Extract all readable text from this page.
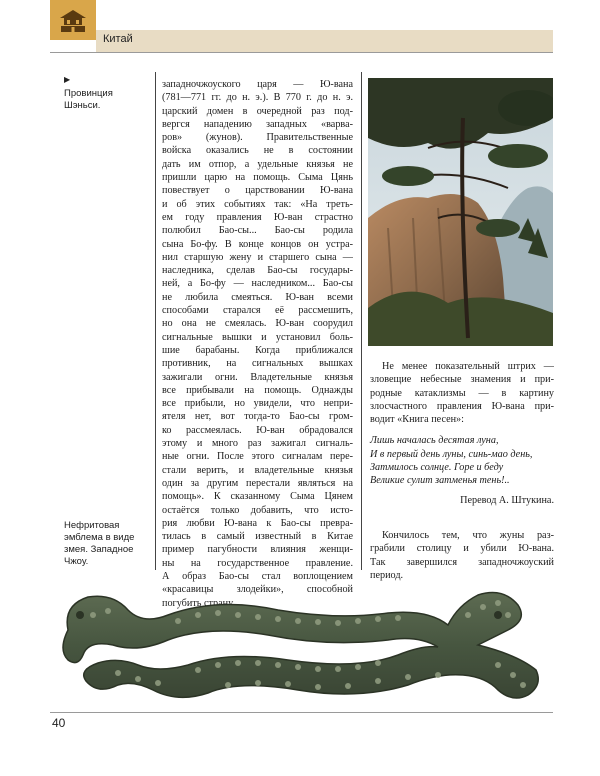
Китай
▶
Провинция Шэньси.
Нефритовая эмблема в виде змея. Западное Чжоу.
западночжоуского царя — Ю-вана
(781—771 гг. до н. э.). В 770 г. до н. э.
царский домен в очередной раз под-
вергся нападению западных «варва-
ров» (жунов). Правительственные
войска оказались не в состоянии
дать им отпор, а удельные князья не
пришли царю на помощь. Сыма Цянь
повествует о царствовании Ю-вана
и об этих событиях так: «На треть-
ем году правления Ю-ван страстно
полюбил Бао-сы... Бао-сы родила
сына Бо-фу. В конце концов он устра-
нил старшую жену и старшего сына —
наследника, сделав Бао-сы государы-
ней, а Бо-фу — наследником... Бао-сы
не любила смеяться. Ю-ван всеми
способами старался её рассмешить,
но она не смеялась. Ю-ван соорудил
сигнальные вышки и установил боль-
шие барабаны. Когда приближался
противник, на сигнальных вышках
зажигали огни. Владетельные князья
все прибывали на помощь. Однажды
все прибыли, но увидели, что непри-
ятеля нет, вот тогда-то Бао-сы гром-
ко рассмеялась. Ю-ван обрадовался
этому и много раз зажигал сигналь-
ные огни. После этого сигналам пере-
стали верить, и владетельные князья
один за другим перестали являться на
помощь». К сказанному Сыма Цянем
остаётся только добавить, что исто-
рия любви Ю-вана к Бао-сы превра-
тилась в самый известный в Китае
пример пагубности влияния женщи-
ны на государственное правление.
А образ Бао-сы стал воплощением
«красавицы злодейки», способной
погубить страну.

Не менее показательный штрих —
зловещие небесные знамения и при-
родные катаклизмы — в картину
злосчастного правления Ю-вана при-
водит «Книга песен»:

Лишь началась десятая луна,
И в первый день луны, синь-мао день,
Затмилось солнце. Горе и беду
Великие сулит затменья тень!..
Перевод А. Штукина.

Кончилось тем, что жуны раз-
грабили столицу и убили Ю-вана.
Так завершился западночжоуский
период.

40
